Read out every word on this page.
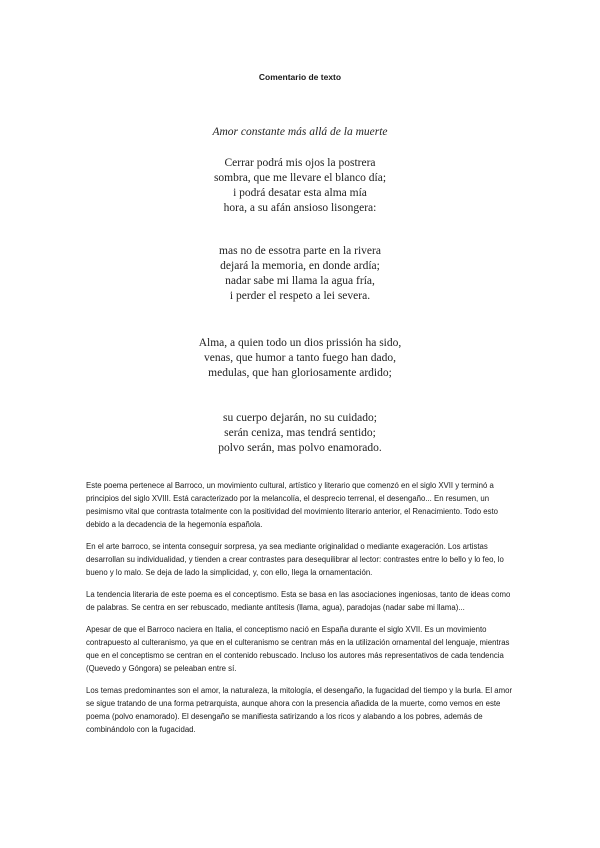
Comentario de texto
Amor constante más allá de la muerte
Cerrar podrá mis ojos la postrera
sombra, que me llevare el blanco día;
i podrá desatar esta alma mía
hora, a su afán ansioso lisongera:
mas no de essotra parte en la rivera
dejará la memoria, en donde ardía;
nadar sabe mi llama la agua fría,
i perder el respeto a lei severa.
Alma, a quien todo un dios prissión ha sido,
venas, que humor a tanto fuego han dado,
medulas, que han gloriosamente ardido;
su cuerpo dejarán, no su cuidado;
serán ceniza, mas tendrá sentido;
polvo serán, mas polvo enamorado.

Este poema pertenece al Barroco, un movimiento cultural, artístico y literario que comenzó en el siglo XVII y terminó a principios del siglo XVIII. Está caracterizado por la melancolía, el desprecio terrenal, el desengaño... En resumen, un pesimismo vital que contrasta totalmente con la positividad del movimiento literario anterior, el Renacimiento. Todo esto debido a la decadencia de la hegemonía española.

En el arte barroco, se intenta conseguir sorpresa, ya sea mediante originalidad o mediante exageración. Los artistas desarrollan su individualidad, y tienden a crear contrastes para desequilibrar al lector: contrastes entre lo bello y lo feo, lo bueno y lo malo. Se deja de lado la simplicidad, y, con ello, llega la ornamentación.

La tendencia literaria de este poema es el conceptismo. Esta se basa en las asociaciones ingeniosas, tanto de ideas como de palabras. Se centra en ser rebuscado, mediante antítesis (llama, agua), paradojas (nadar sabe mi llama)...

Apesar de que el Barroco naciera en Italia, el conceptismo nació en España durante el siglo XVII. Es un movimiento contrapuesto al culteranismo, ya que en el culteranismo se centran más en la utilización ornamental del lenguaje, mientras que en el conceptismo se centran en el contenido rebuscado. Incluso los autores más representativos de cada tendencia (Quevedo y Góngora) se peleaban entre sí.

Los temas predominantes son el amor, la naturaleza, la mitología, el desengaño, la fugacidad del tiempo y la burla. El amor se sigue tratando de una forma petrarquista, aunque ahora con la presencia añadida de la muerte, como vemos en este poema (polvo enamorado). El desengaño se manifiesta satirizando a los ricos y alabando a los pobres, además de combinándolo con la fugacidad.
